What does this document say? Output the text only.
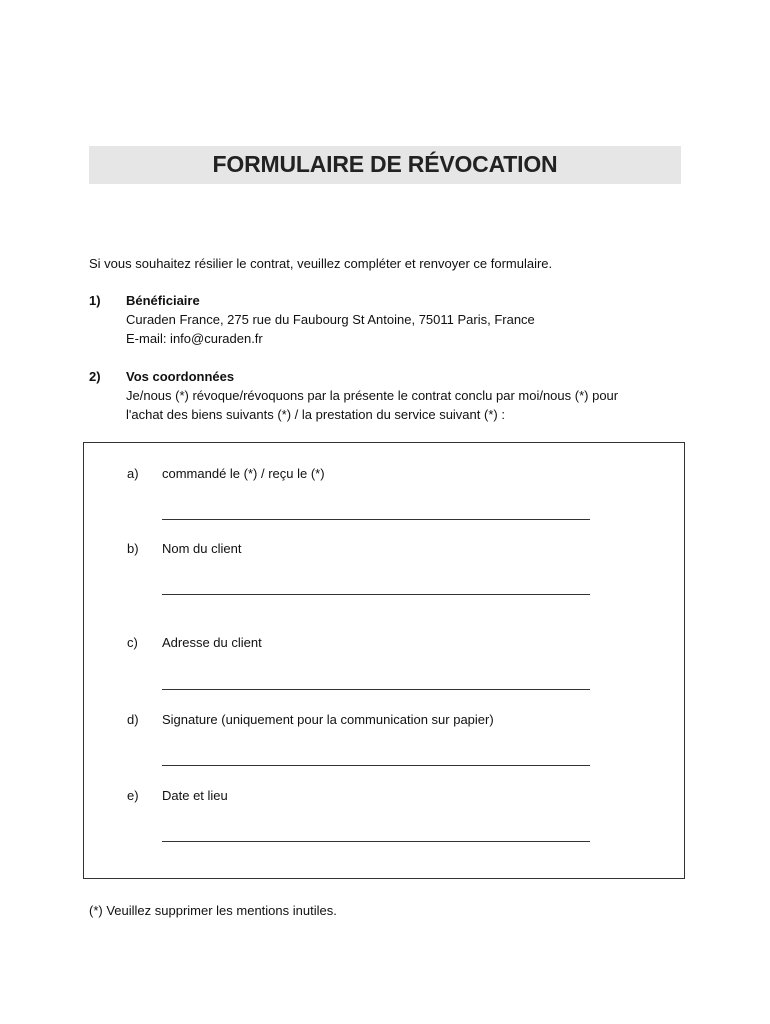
FORMULAIRE DE RÉVOCATION
Si vous souhaitez résilier le contrat, veuillez compléter et renvoyer ce formulaire.
1) Bénéficiaire
Curaden France, 275 rue du Faubourg St Antoine, 75011 Paris, France
E-mail: info@curaden.fr
2) Vos coordonnées
Je/nous (*) révoque/révoquons par la présente le contrat conclu par moi/nous (*) pour
l'achat des biens suivants (*) / la prestation du service suivant (*) :
a) commandé le (*) / reçu le (*)
b) Nom du client
c) Adresse du client
d) Signature (uniquement pour la communication sur papier)
e) Date et lieu
(*) Veuillez supprimer les mentions inutiles.
